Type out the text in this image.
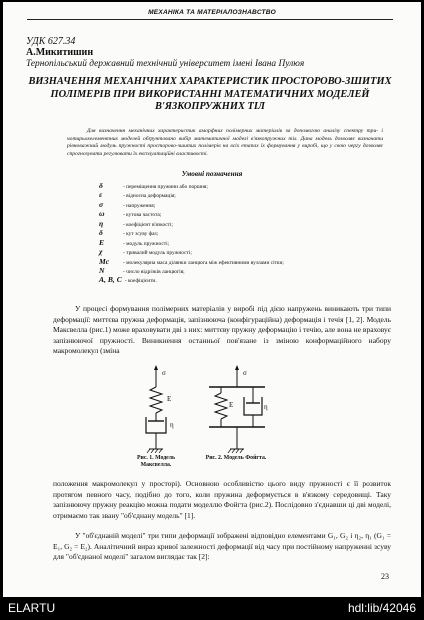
МЕХАНІКА ТА МАТЕРІАЛОЗНАВСТВО
УДК 627.34
А.Микитишин
Тернопільський державний технічний університет імені Івана Пулюя
ВИЗНАЧЕННЯ МЕХАНІЧНИХ ХАРАКТЕРИСТИК ПРОСТОРОВО-ЗШИТИХ ПОЛІМЕРІВ ПРИ ВИКОРИСТАННІ МАТЕМАТИЧНИХ МОДЕЛЕЙ В'ЯЗКОПРУЖНИХ ТІЛ
Для визначення механічних характеристик аморфних полімерних матеріалів за допомогою аналізу спектру три- і чотирьохелементних моделей обґрунтовано вибір математичної моделі в'язкопружних тіл. Дана модель дозволяє визначати рівноважний модуль пружності просторово-зшитих полімерів на всіх етапах їх формування у виробі, що у свою чергу дозволяє спрогнозувати регулювати їх експлуатаційні властивості.
Умовні позначення
δ	- переміщення пружини або поршня;
ε	- відносна деформація;
σ	- напруження;
ω	- кутова частота;
η	- коефіцієнт в'язкості;
δ	- кут зсуву фаз;
E	- модуль пружності;
χ	- тривалий модуль пружності;
Mc	- молекулярна маса ділянки ланцюга між ефективними вузлами сітки;
N	- число відрізків ланцюгів;
A, B, C - коефіцієнти.
У процесі формування полімерних матеріалів у виробі під дією напружень виникають три типи деформації: миттєва пружна деформація, запізнююча (конфігураційна) деформація і течія [1, 2]. Модель Максвелла (рис.1) може враховувати дві з них: миттєву пружну деформацію і течію, але вона не враховує запізнюючої пружності. Виникнення останньої пов'язане із зміною конформаційного набору макромолекул (зміна
σ
E
η
Рис. 1. Модель Максвелла.
σ
E	η
Рис. 2. Модель Фойгта.
положення макромолекул у просторі). Основною особливістю цього виду пружності є її розвиток протягом певного часу, подібно до того, коли пружина деформується в в'язкому середовищі. Таку запізнюючу пружну реакцію можна подати моделлю Фойгта (рис.2). Послідовно з'єднавши ці дві моделі, отримаємо так звану "об'єднану модель" [1].
У "об'єднаній моделі" три типи деформації зображені відповідно елементами G₁, G₂ і η₂, η₁ (G₁ = E₁, G₂ = E₂). Аналітичний вираз кривої залежності деформації від часу при постійному напруженні зсуву для "об'єднаної моделі" загалом виглядає так [2]:
23
ELARTU	hdl:lib/42046
